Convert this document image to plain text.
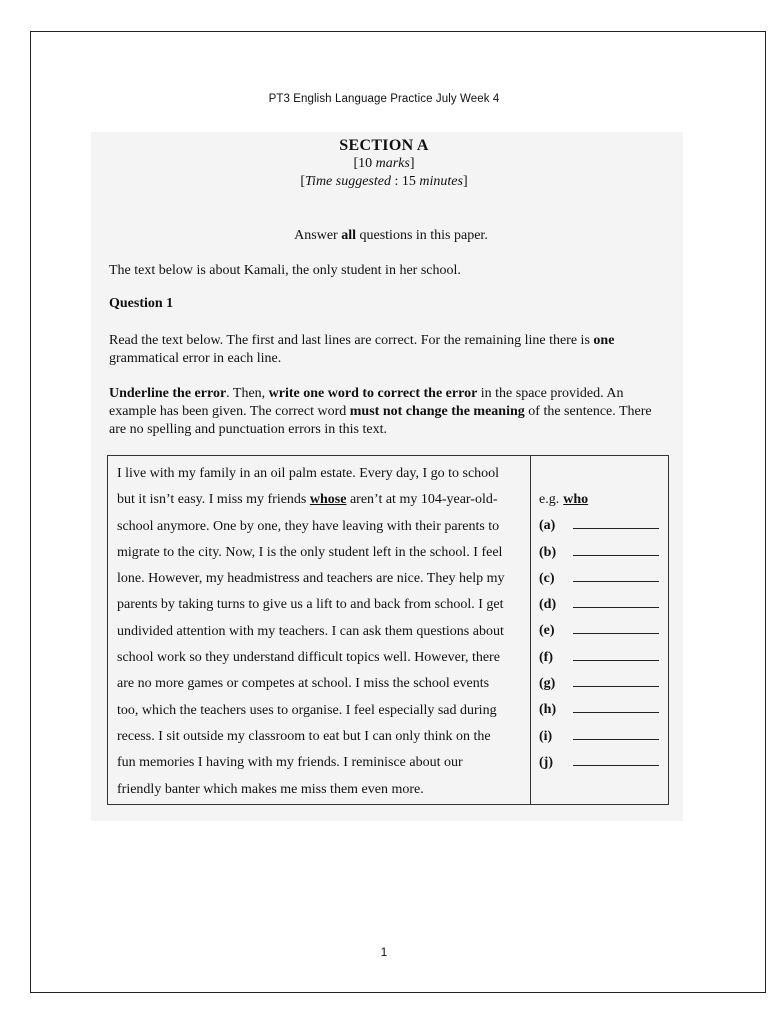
PT3 English Language Practice July Week 4
SECTION A
[10 marks]
[Time suggested : 15 minutes]
Answer all questions in this paper.
The text below is about Kamali, the only student in her school.
Question 1
Read the text below. The first and last lines are correct. For the remaining line there is one grammatical error in each line.
Underline the error. Then, write one word to correct the error in the space provided. An example has been given. The correct word must not change the meaning of the sentence. There are no spelling and punctuation errors in this text.
I live with my family in an oil palm estate. Every day, I go to school
but it isn’t easy. I miss my friends whose aren’t at my 104-year-old-
school anymore. One by one, they have leaving with their parents to
migrate to the city. Now, I is the only student left in the school. I feel
lone. However, my headmistress and teachers are nice. They help my
parents by taking turns to give us a lift to and back from school. I get
undivided attention with my teachers. I can ask them questions about
school work so they understand difficult topics well. However, there
are no more games or competes at school. I miss the school events
too, which the teachers uses to organise. I feel especially sad during
recess. I sit outside my classroom to eat but I can only think on the
fun memories I having with my friends. I reminisce about our
friendly banter which makes me miss them even more.
e.g. who
(a)
(b)
(c)
(d)
(e)
(f)
(g)
(h)
(i)
(j)
1
